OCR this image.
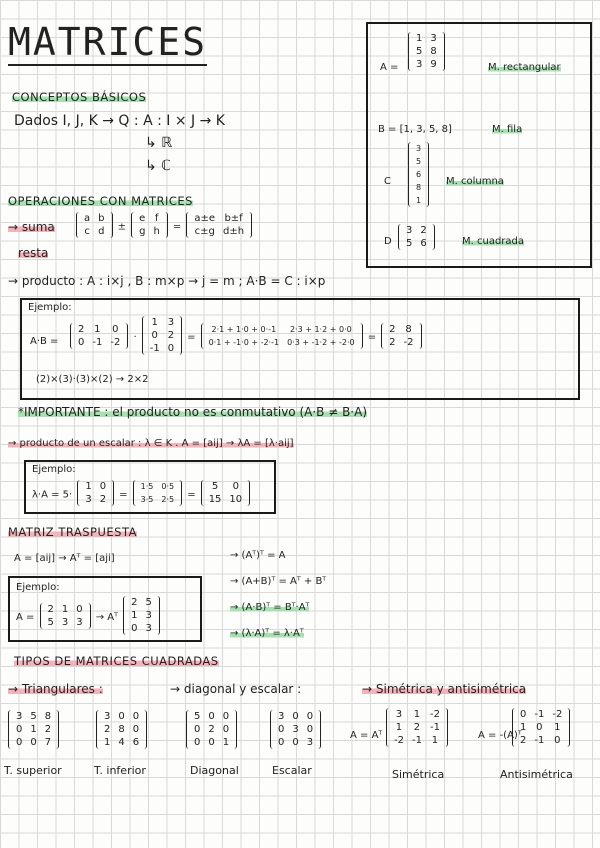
MATRICES
CONCEPTOS BÁSICOS
Dados I, J, K → Q : A : I × J → K
↳ ℝ
↳ ℂ
A =
1	3
5	8
3	9	M. rectangular
B = [1, 3, 5, 8]	M. fila
C
3
5
6
8
1
M. columna
D
3	2
5	6	M. cuadrada
OPERACIONES CON MATRICES
→ suma
resta
a	b
c	d ±
e	f
g	h =
a±e	b±f
c±g	d±h
→ producto : A : i×j , B : m×p → j = m ; A·B = C : i×p
Ejemplo:
A·B =
2	1	0
0	-1	-2 ·
1	3
0	2
-1	0
=
2·1 + 1·0 + 0·-1	2·3 + 1·2 + 0·0
0·1 + -1·0 + -2·-1	0·3 + -1·2 + -2·0 =
2	8
2	-2
(2)×(3)·(3)×(2) → 2×2
*IMPORTANTE : el producto no es conmutativo (A·B ≠ B·A)
→ producto de un escalar : λ ∈ K . A = [aij] → λA = [λ·aij]
Ejemplo:
λ·A = 5·
1	0
3	2 =
1·5	0·5
3·5	2·5 =
5	0
15	10
MATRIZ TRASPUESTA
A = [aij] → Aᵀ = [aji]
Ejemplo:
A =
2	1	0
5	3	3 → Aᵀ
2	5
1	3
0	3
→ (Aᵀ)ᵀ = A
→ (A+B)ᵀ = Aᵀ + Bᵀ
→ (A·B)ᵀ = Bᵀ·Aᵀ
→ (λ·A)ᵀ = λ·Aᵀ
TIPOS DE MATRICES CUADRADAS
→ Triangulares :	→ diagonal y escalar :	→ Simétrica y antisimétrica
3	5	8
0	1	2
0	0	7
3	0	0
2	8	0
1	4	6
5	0	0
0	2	0
0	0	1
3	0	0
0	3	0
0	0	3
A = Aᵀ
3	1	-2
1	2	-1
-2	-1	1	A = -(A)ᵀ
0	-1	-2
1	0	1
2	-1	0
T. superior	T. inferior	Diagonal	Escalar	Simétrica	Antisimétrica
